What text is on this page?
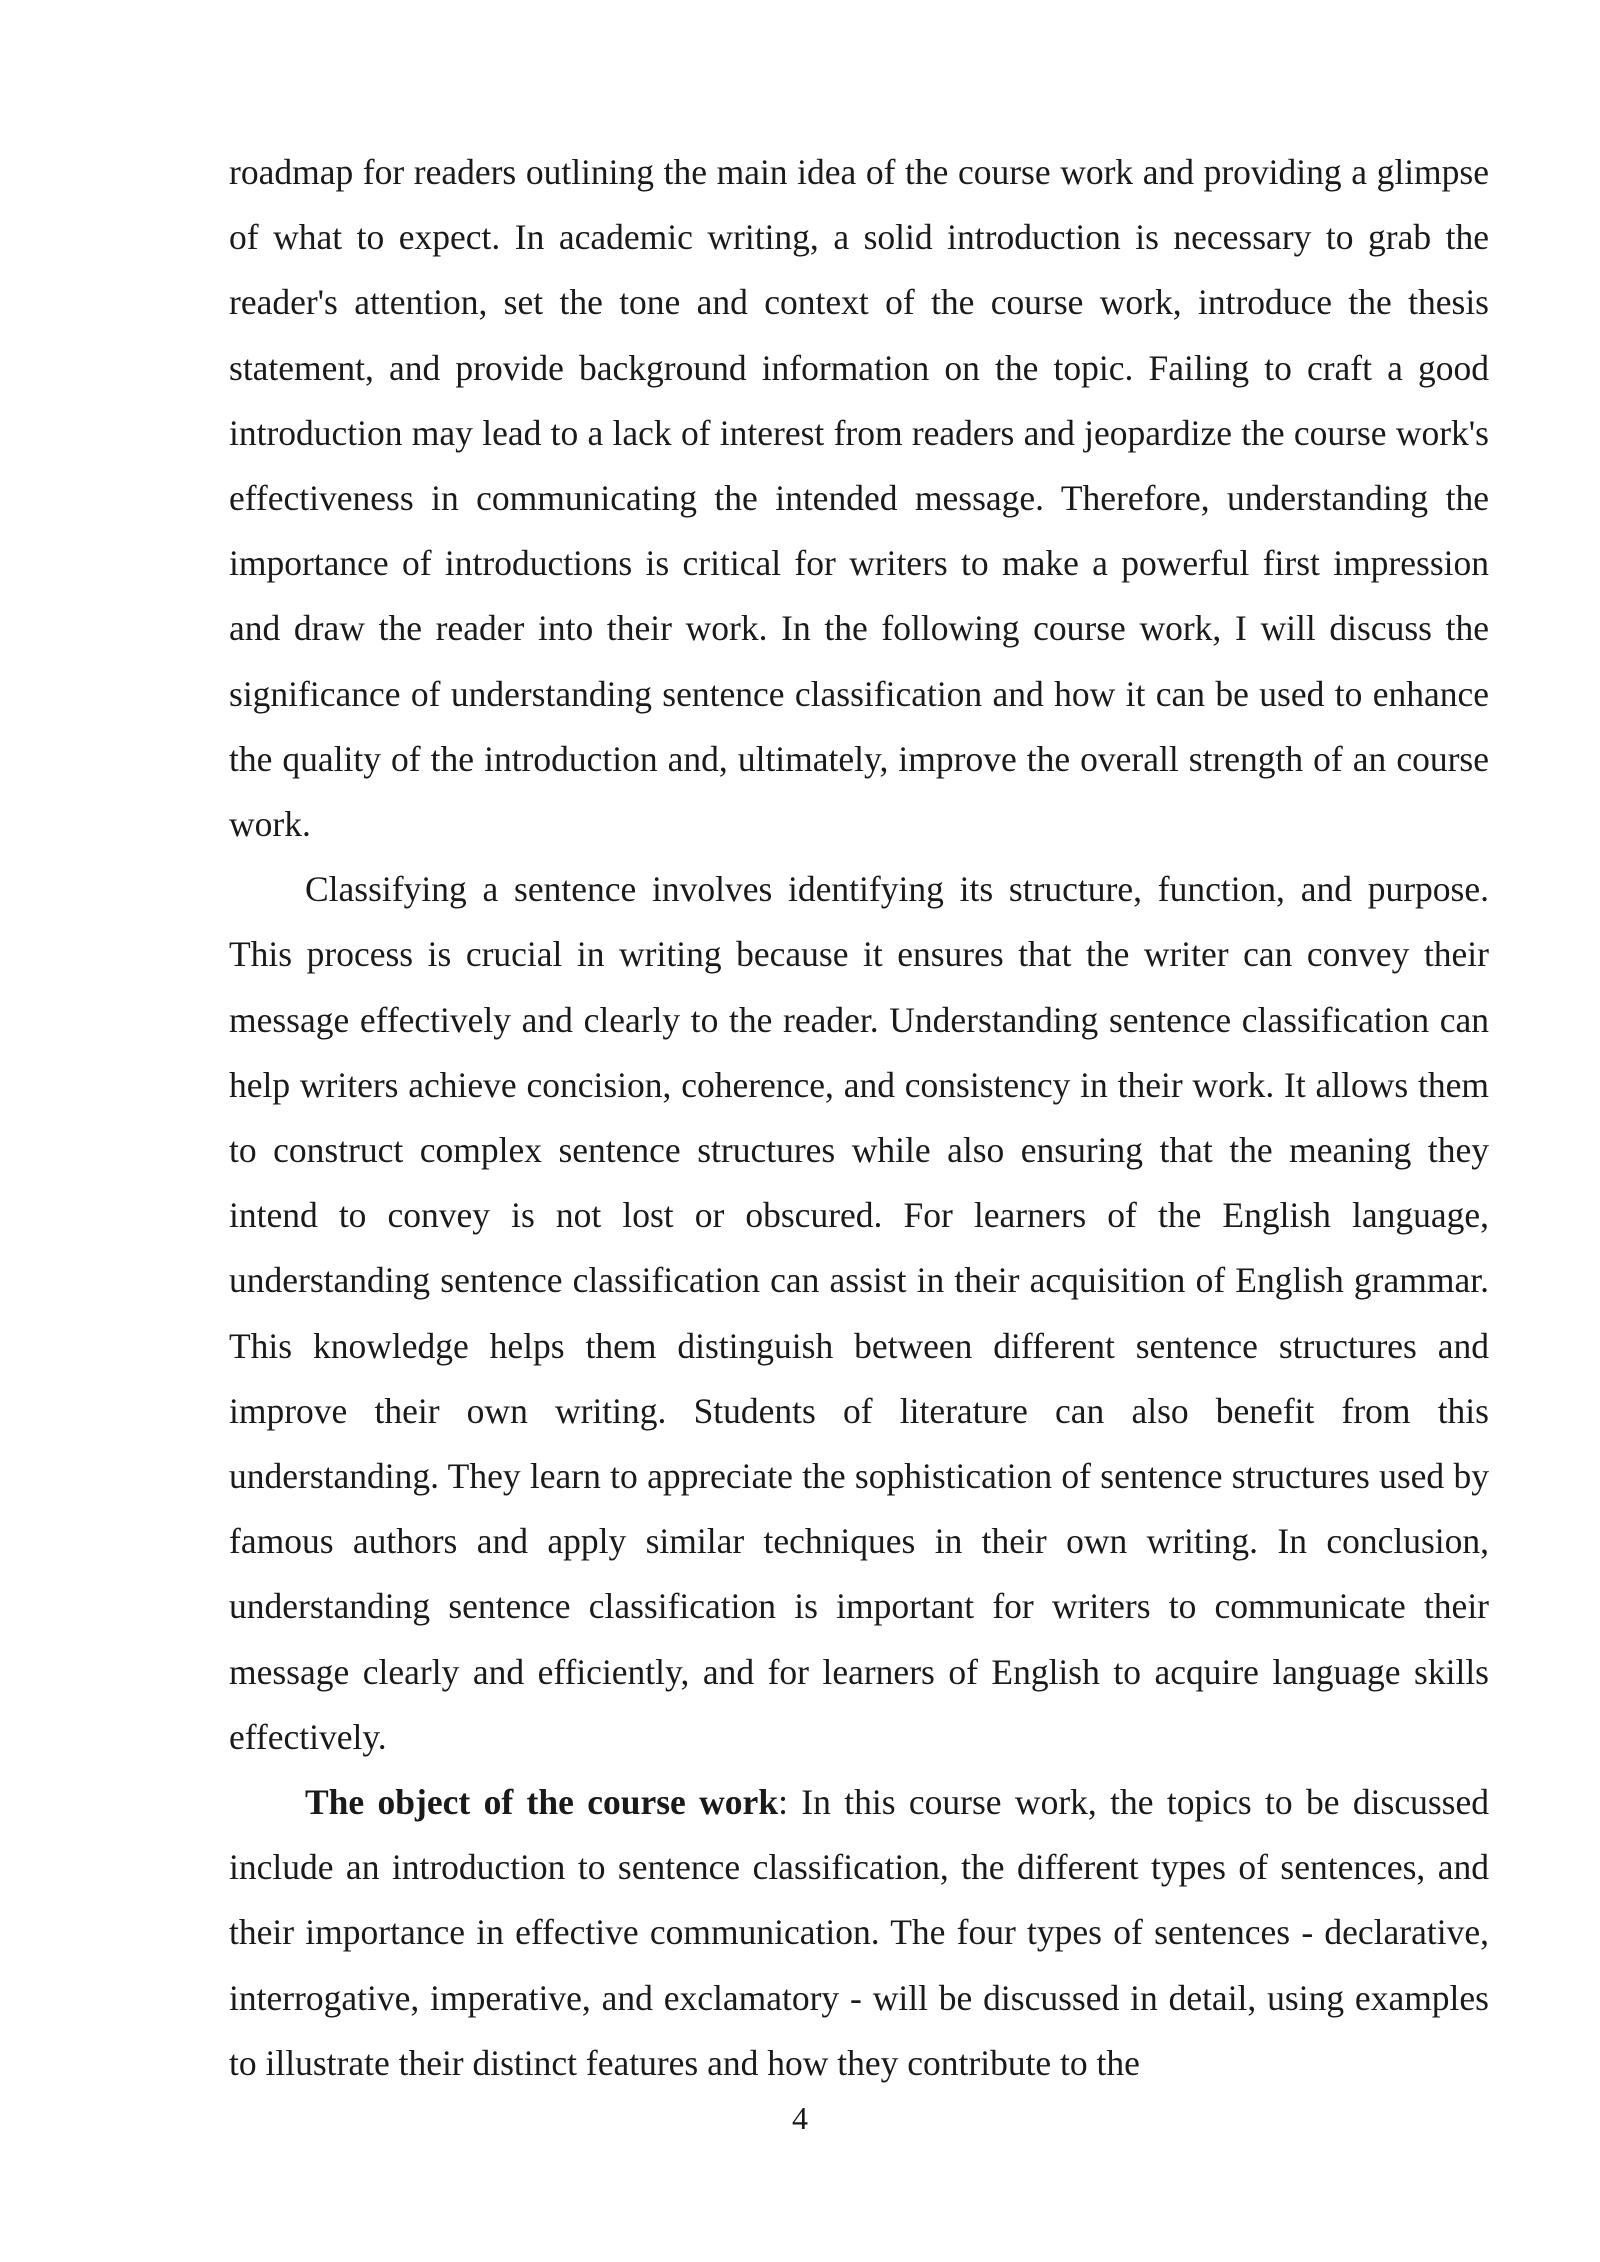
roadmap for readers outlining the main idea of the course work and providing a glimpse of what to expect. In academic writing, a solid introduction is necessary to grab the reader's attention, set the tone and context of the course work, introduce the thesis statement, and provide background information on the topic. Failing to craft a good introduction may lead to a lack of interest from readers and jeopardize the course work's effectiveness in communicating the intended message. Therefore, understanding the importance of introductions is critical for writers to make a powerful first impression and draw the reader into their work. In the following course work, I will discuss the significance of understanding sentence classification and how it can be used to enhance the quality of the introduction and, ultimately, improve the overall strength of an course work.

Classifying a sentence involves identifying its structure, function, and purpose. This process is crucial in writing because it ensures that the writer can convey their message effectively and clearly to the reader. Understanding sentence classification can help writers achieve concision, coherence, and consistency in their work. It allows them to construct complex sentence structures while also ensuring that the meaning they intend to convey is not lost or obscured. For learners of the English language, understanding sentence classification can assist in their acquisition of English grammar. This knowledge helps them distinguish between different sentence structures and improve their own writing. Students of literature can also benefit from this understanding. They learn to appreciate the sophistication of sentence structures used by famous authors and apply similar techniques in their own writing. In conclusion, understanding sentence classification is important for writers to communicate their message clearly and efficiently, and for learners of English to acquire language skills effectively.

The object of the course work: In this course work, the topics to be discussed include an introduction to sentence classification, the different types of sentences, and their importance in effective communication. The four types of sentences - declarative, interrogative, imperative, and exclamatory - will be discussed in detail, using examples to illustrate their distinct features and how they contribute to the

4
